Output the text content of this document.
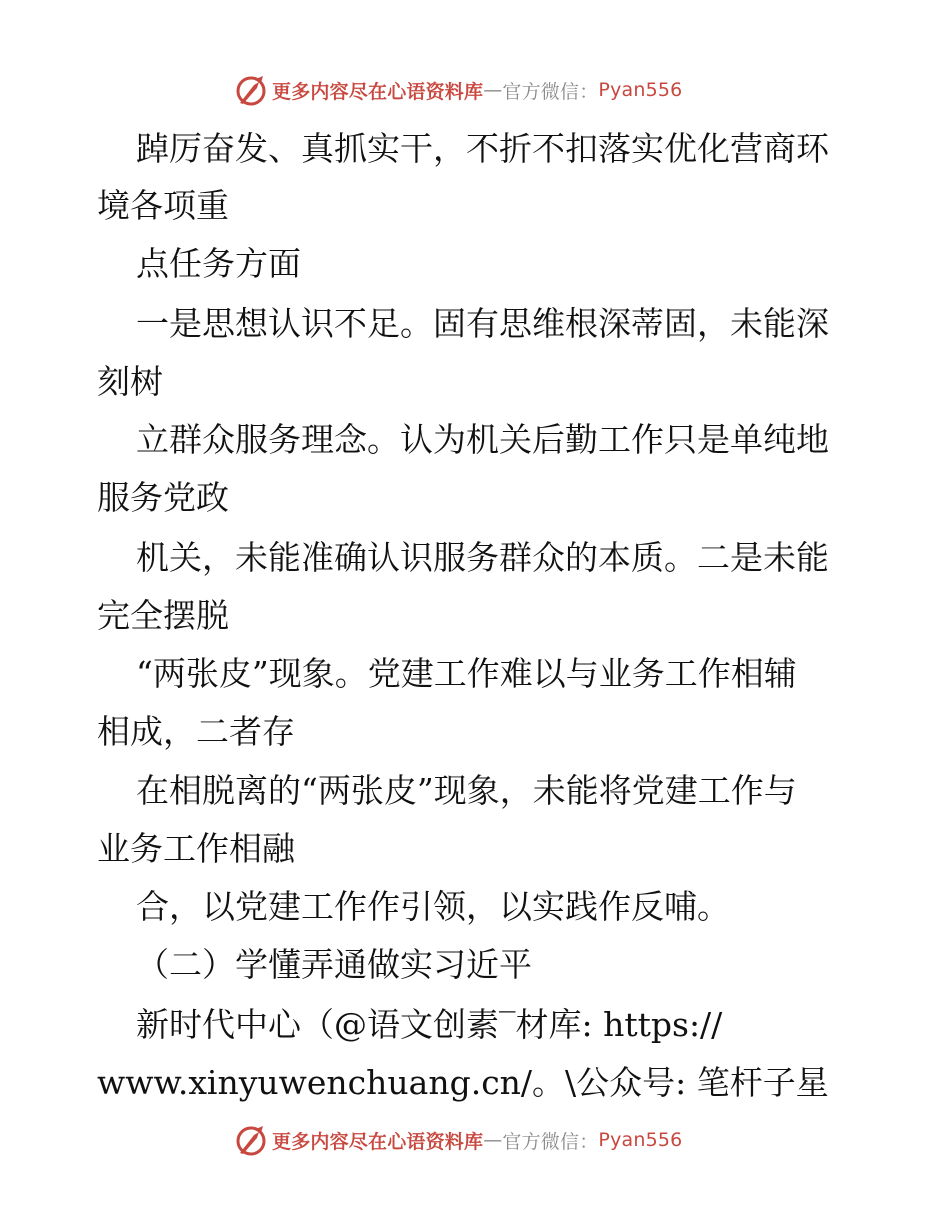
更多内容尽在心语资料库 — 官方微信： Pyan556

踔厉奋发、真抓实干，不折不扣落实优化营商环

境各项重

点任务方面

一是思想认识不足。固有思维根深蒂固，未能深

刻树

立群众服务理念。认为机关后勤工作只是单纯地

服务党政

机关，未能准确认识服务群众的本质。二是未能

完全摆脱

“两张皮”现象。党建工作难以与业务工作相辅

相成，二者存

在相脱离的“两张皮”现象，未能将党建工作与

业务工作相融

合，以党建工作作引领，以实践作反哺。

（二）学懂弄通做实习近平

新时代中心（@语文创素‾材库: https://

www.xinyuwenchuang.cn/。\公众号: 笔杆子星

更多内容尽在心语资料库 — 官方微信： Pyan556
